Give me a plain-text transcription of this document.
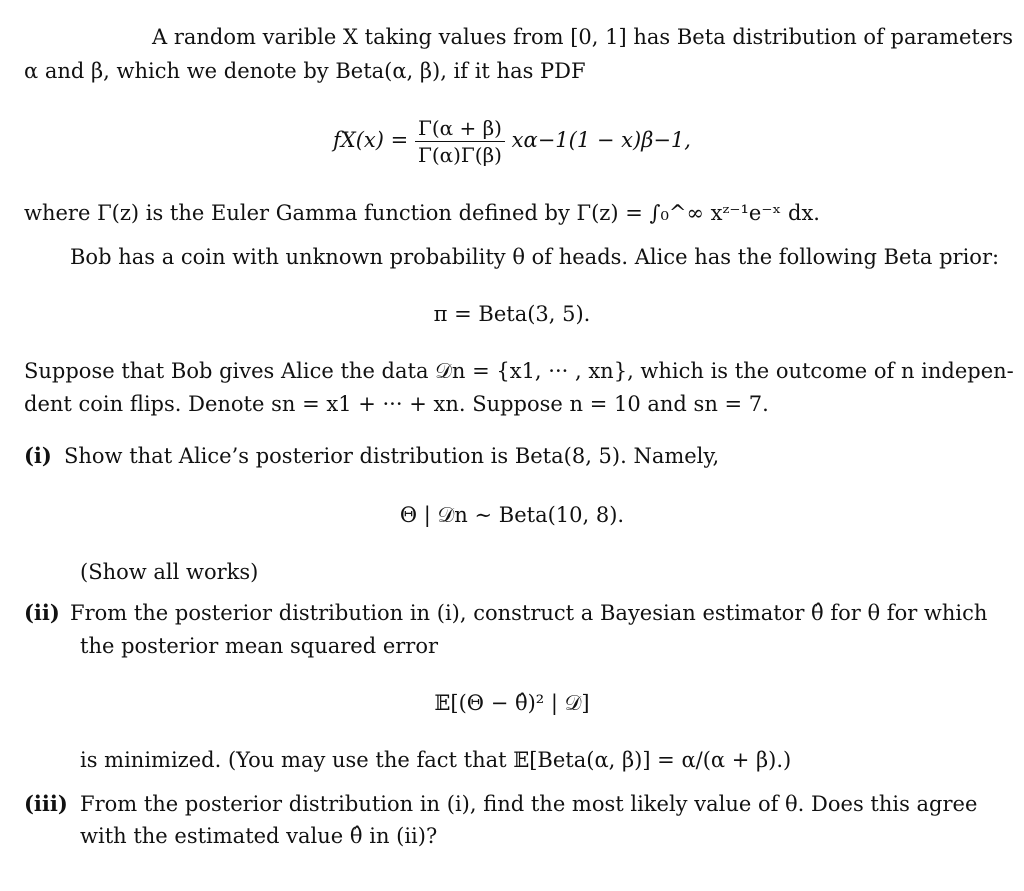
A random varible X taking values from [0, 1] has Beta distribution of parameters
α and β, which we denote by Beta(α, β), if it has PDF
$fX(x) = \frac{\Gamma(\alpha + \beta)}{\Gamma(\alpha)\Gamma(\beta)} x\alpha-1(1 - x)\beta-1$,
where Γ(z) is the Euler Gamma function defined by Γ(z) = ∫₀^∞ xᶻ⁻¹e⁻ˣ dx.
Bob has a coin with unknown probability θ of heads. Alice has the following Beta prior:
π = Beta(3, 5).
Suppose that Bob gives Alice the data 𝒟n = {x1, ··· , xn}, which is the outcome of n indepen-
dent coin flips. Denote sn = x1 + ··· + xn. Suppose n = 10 and sn = 7.
(i) Show that Alice’s posterior distribution is Beta(8, 5). Namely,
Θ | 𝒟n ∼ Beta(10, 8).
(Show all works)
(ii) From the posterior distribution in (i), construct a Bayesian estimator θ̂ for θ for which
the posterior mean squared error
𝔼[(Θ − θ̂)² | 𝒟]
is minimized. (You may use the fact that 𝔼[Beta(α, β)] = α/(α + β).)
(iii) From the posterior distribution in (i), find the most likely value of θ. Does this agree
with the estimated value θ̂ in (ii)?
